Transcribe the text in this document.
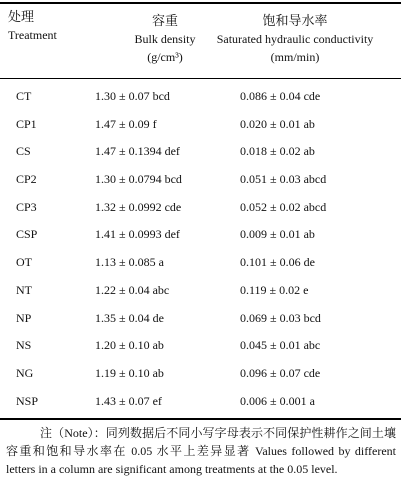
处理
Treatment
容重
Bulk density
(g/cm³)
饱和导水率
Saturated hydraulic conductivity
(mm/min)
CT	1.30 ± 0.07 bcd	0.086 ± 0.04 cde
CP1	1.47 ± 0.09 f	0.020 ± 0.01 ab
CS	1.47 ± 0.1394 def	0.018 ± 0.02 ab
CP2	1.30 ± 0.0794 bcd	0.051 ± 0.03 abcd
CP3	1.32 ± 0.0992 cde	0.052 ± 0.02 abcd
CSP	1.41 ± 0.0993 def	0.009 ± 0.01 ab
OT	1.13 ± 0.085 a	0.101 ± 0.06 de
NT	1.22 ± 0.04 abc	0.119 ± 0.02 e
NP	1.35 ± 0.04 de	0.069 ± 0.03 bcd
NS	1.20 ± 0.10 ab	0.045 ± 0.01 abc
NG	1.19 ± 0.10 ab	0.096 ± 0.07 cde
NSP	1.43 ± 0.07 ef	0.006 ± 0.001 a
注（Note）：同列数据后不同小写字母表示不同保护性耕作之间土壤容重和饱和导水率在 0.05 水平上差异显著 Values followed by different letters in a column are significant among treatments at the 0.05 level.
